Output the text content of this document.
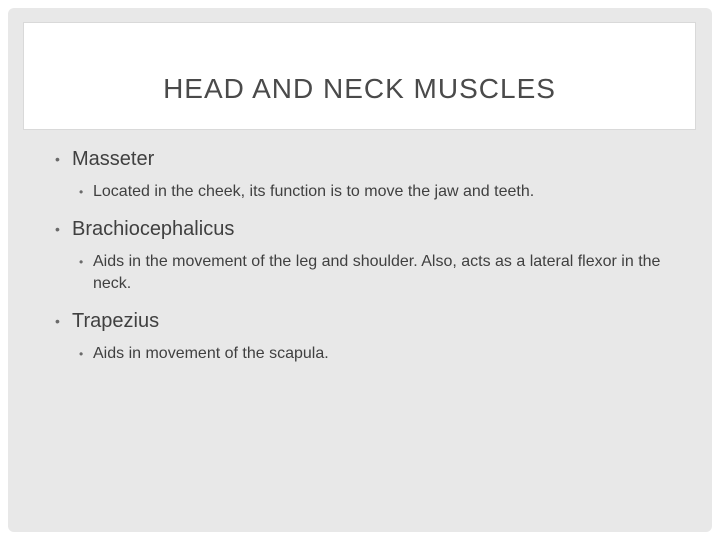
HEAD AND NECK MUSCLES
• Masseter
• Located in the cheek, its function is to move the jaw and teeth.
• Brachiocephalicus
• Aids in the movement of the leg and shoulder. Also, acts as a lateral flexor in the neck.
• Trapezius
• Aids in movement of the scapula.
